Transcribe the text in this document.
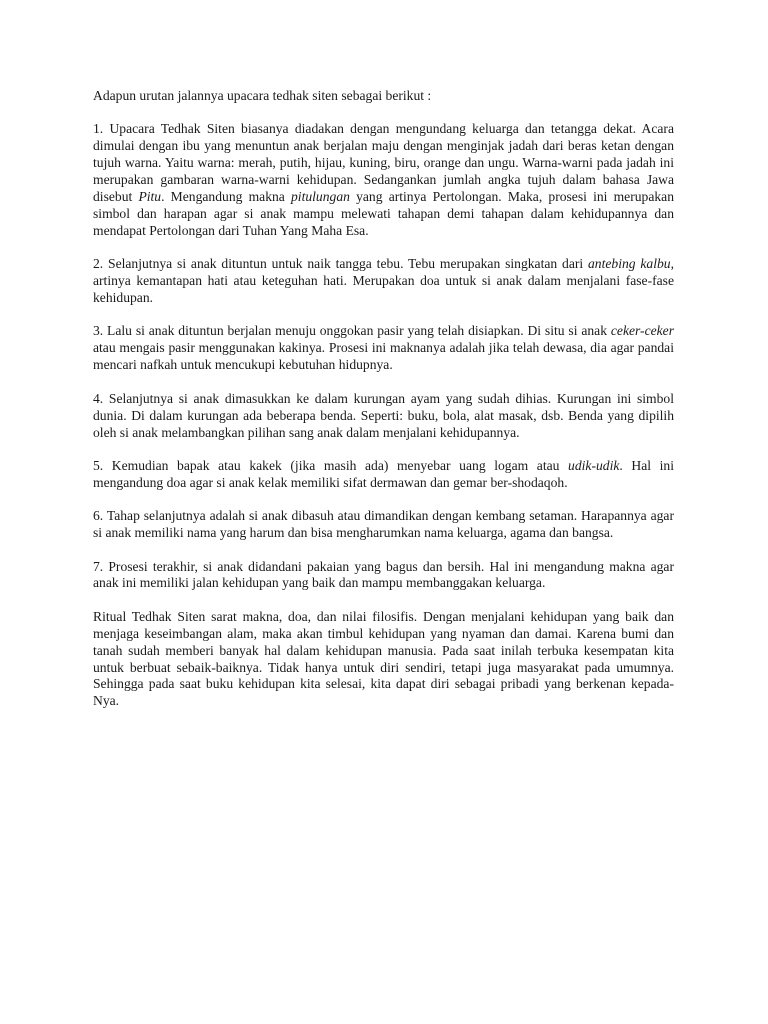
Adapun urutan jalannya upacara tedhak siten sebagai berikut :

1. Upacara Tedhak Siten biasanya diadakan dengan mengundang keluarga dan tetangga dekat. Acara dimulai dengan ibu yang menuntun anak berjalan maju dengan menginjak jadah dari beras ketan dengan tujuh warna. Yaitu warna: merah, putih, hijau, kuning, biru, orange dan ungu. Warna-warni pada jadah ini merupakan gambaran warna-warni kehidupan. Sedangankan jumlah angka tujuh dalam bahasa Jawa disebut Pitu. Mengandung makna pitulungan yang artinya Pertolongan. Maka, prosesi ini merupakan simbol dan harapan agar si anak mampu melewati tahapan demi tahapan dalam kehidupannya dan mendapat Pertolongan dari Tuhan Yang Maha Esa.

2. Selanjutnya si anak dituntun untuk naik tangga tebu. Tebu merupakan singkatan dari antebing kalbu, artinya kemantapan hati atau keteguhan hati. Merupakan doa untuk si anak dalam menjalani fase-fase kehidupan.

3. Lalu si anak dituntun berjalan menuju onggokan pasir yang telah disiapkan. Di situ si anak ceker-ceker atau mengais pasir menggunakan kakinya. Prosesi ini maknanya adalah jika telah dewasa, dia agar pandai mencari nafkah untuk mencukupi kebutuhan hidupnya.

4. Selanjutnya si anak dimasukkan ke dalam kurungan ayam yang sudah dihias. Kurungan ini simbol dunia. Di dalam kurungan ada beberapa benda. Seperti: buku, bola, alat masak, dsb. Benda yang dipilih oleh si anak melambangkan pilihan sang anak dalam menjalani kehidupannya.

5. Kemudian bapak atau kakek (jika masih ada) menyebar uang logam atau udik-udik. Hal ini mengandung doa agar si anak kelak memiliki sifat dermawan dan gemar ber-shodaqoh.

6. Tahap selanjutnya adalah si anak dibasuh atau dimandikan dengan kembang setaman. Harapannya agar si anak memiliki nama yang harum dan bisa mengharumkan nama keluarga, agama dan bangsa.

7. Prosesi terakhir, si anak didandani pakaian yang bagus dan bersih. Hal ini mengandung makna agar anak ini memiliki jalan kehidupan yang baik dan mampu membanggakan keluarga.

Ritual Tedhak Siten sarat makna, doa, dan nilai filosifis. Dengan menjalani kehidupan yang baik dan menjaga keseimbangan alam, maka akan timbul kehidupan yang nyaman dan damai. Karena bumi dan tanah sudah memberi banyak hal dalam kehidupan manusia. Pada saat inilah terbuka kesempatan kita untuk berbuat sebaik-baiknya. Tidak hanya untuk diri sendiri, tetapi juga masyarakat pada umumnya. Sehingga pada saat buku kehidupan kita selesai, kita dapat diri sebagai pribadi yang berkenan kepada-Nya.
